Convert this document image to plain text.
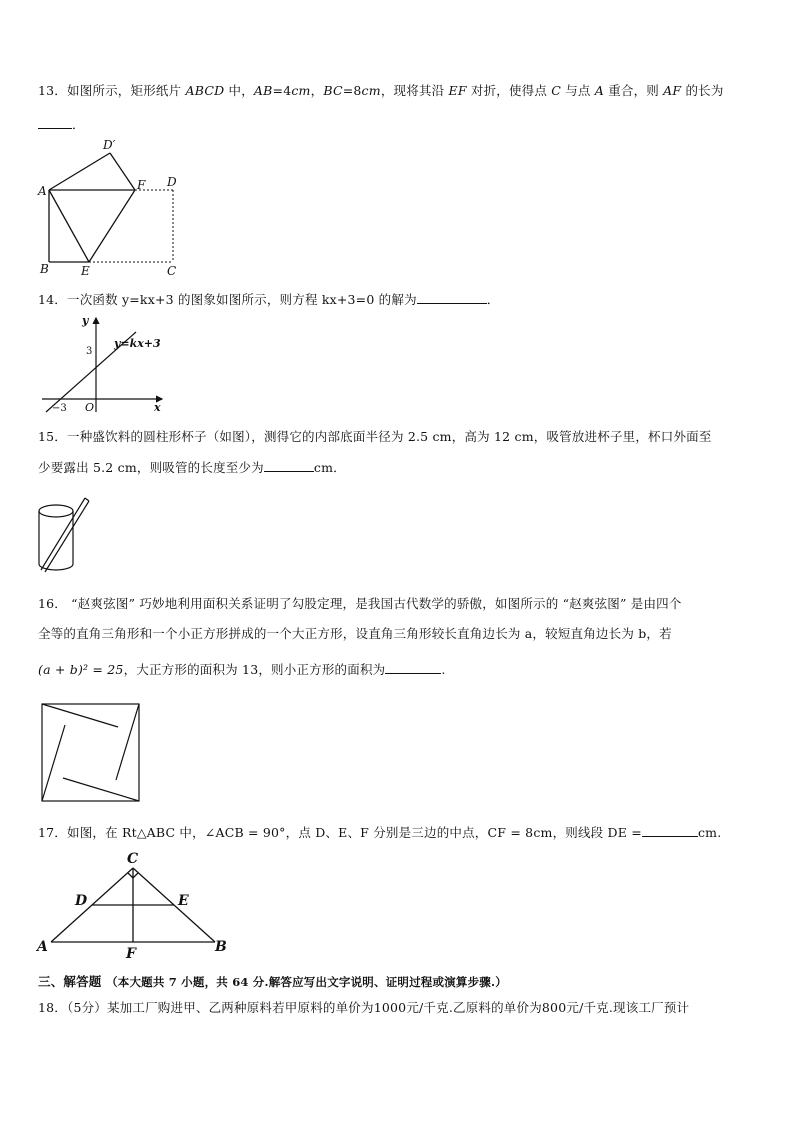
13．如图所示，矩形纸片 ABCD 中，AB=4cm，BC=8cm，现将其沿 EF 对折，使得点 C 与点 A 重合，则 AF 的长为
．
D′
A	F D
B	E	C
14．一次函数 y=kx+3 的图象如图所示，则方程 kx+3=0 的解为	．
y
x
3
−3 O
y=kx+3
15．一种盛饮料的圆柱形杯子（如图），测得它的内部底面半径为 2.5 cm，高为 12 cm，吸管放进杯子里，杯口外面至
少要露出 5.2 cm，则吸管的长度至少为	cm．
16． “赵爽弦图” 巧妙地利用面积关系证明了勾股定理，是我国古代数学的骄傲，如图所示的 “赵爽弦图” 是由四个
全等的直角三角形和一个小正方形拼成的一个大正方形，设直角三角形较长直角边长为 a，较短直角边长为 b，若
(a + b)² = 25，大正方形的面积为 13，则小正方形的面积为	.
17．如图，在 Rt△ABC 中，∠ACB = 90°，点 D、E、F 分别是三边的中点，CF = 8cm，则线段 DE =	cm.
C
D	E
A	F	B
三、解答题 （本大题共 7 小题，共 64 分.解答应写出文字说明、证明过程或演算步骤.）
18．（5分）某加工厂购进甲、乙两种原料若甲原料的单价为1000元/千克.乙原料的单价为800元/千克.现该工厂预计
